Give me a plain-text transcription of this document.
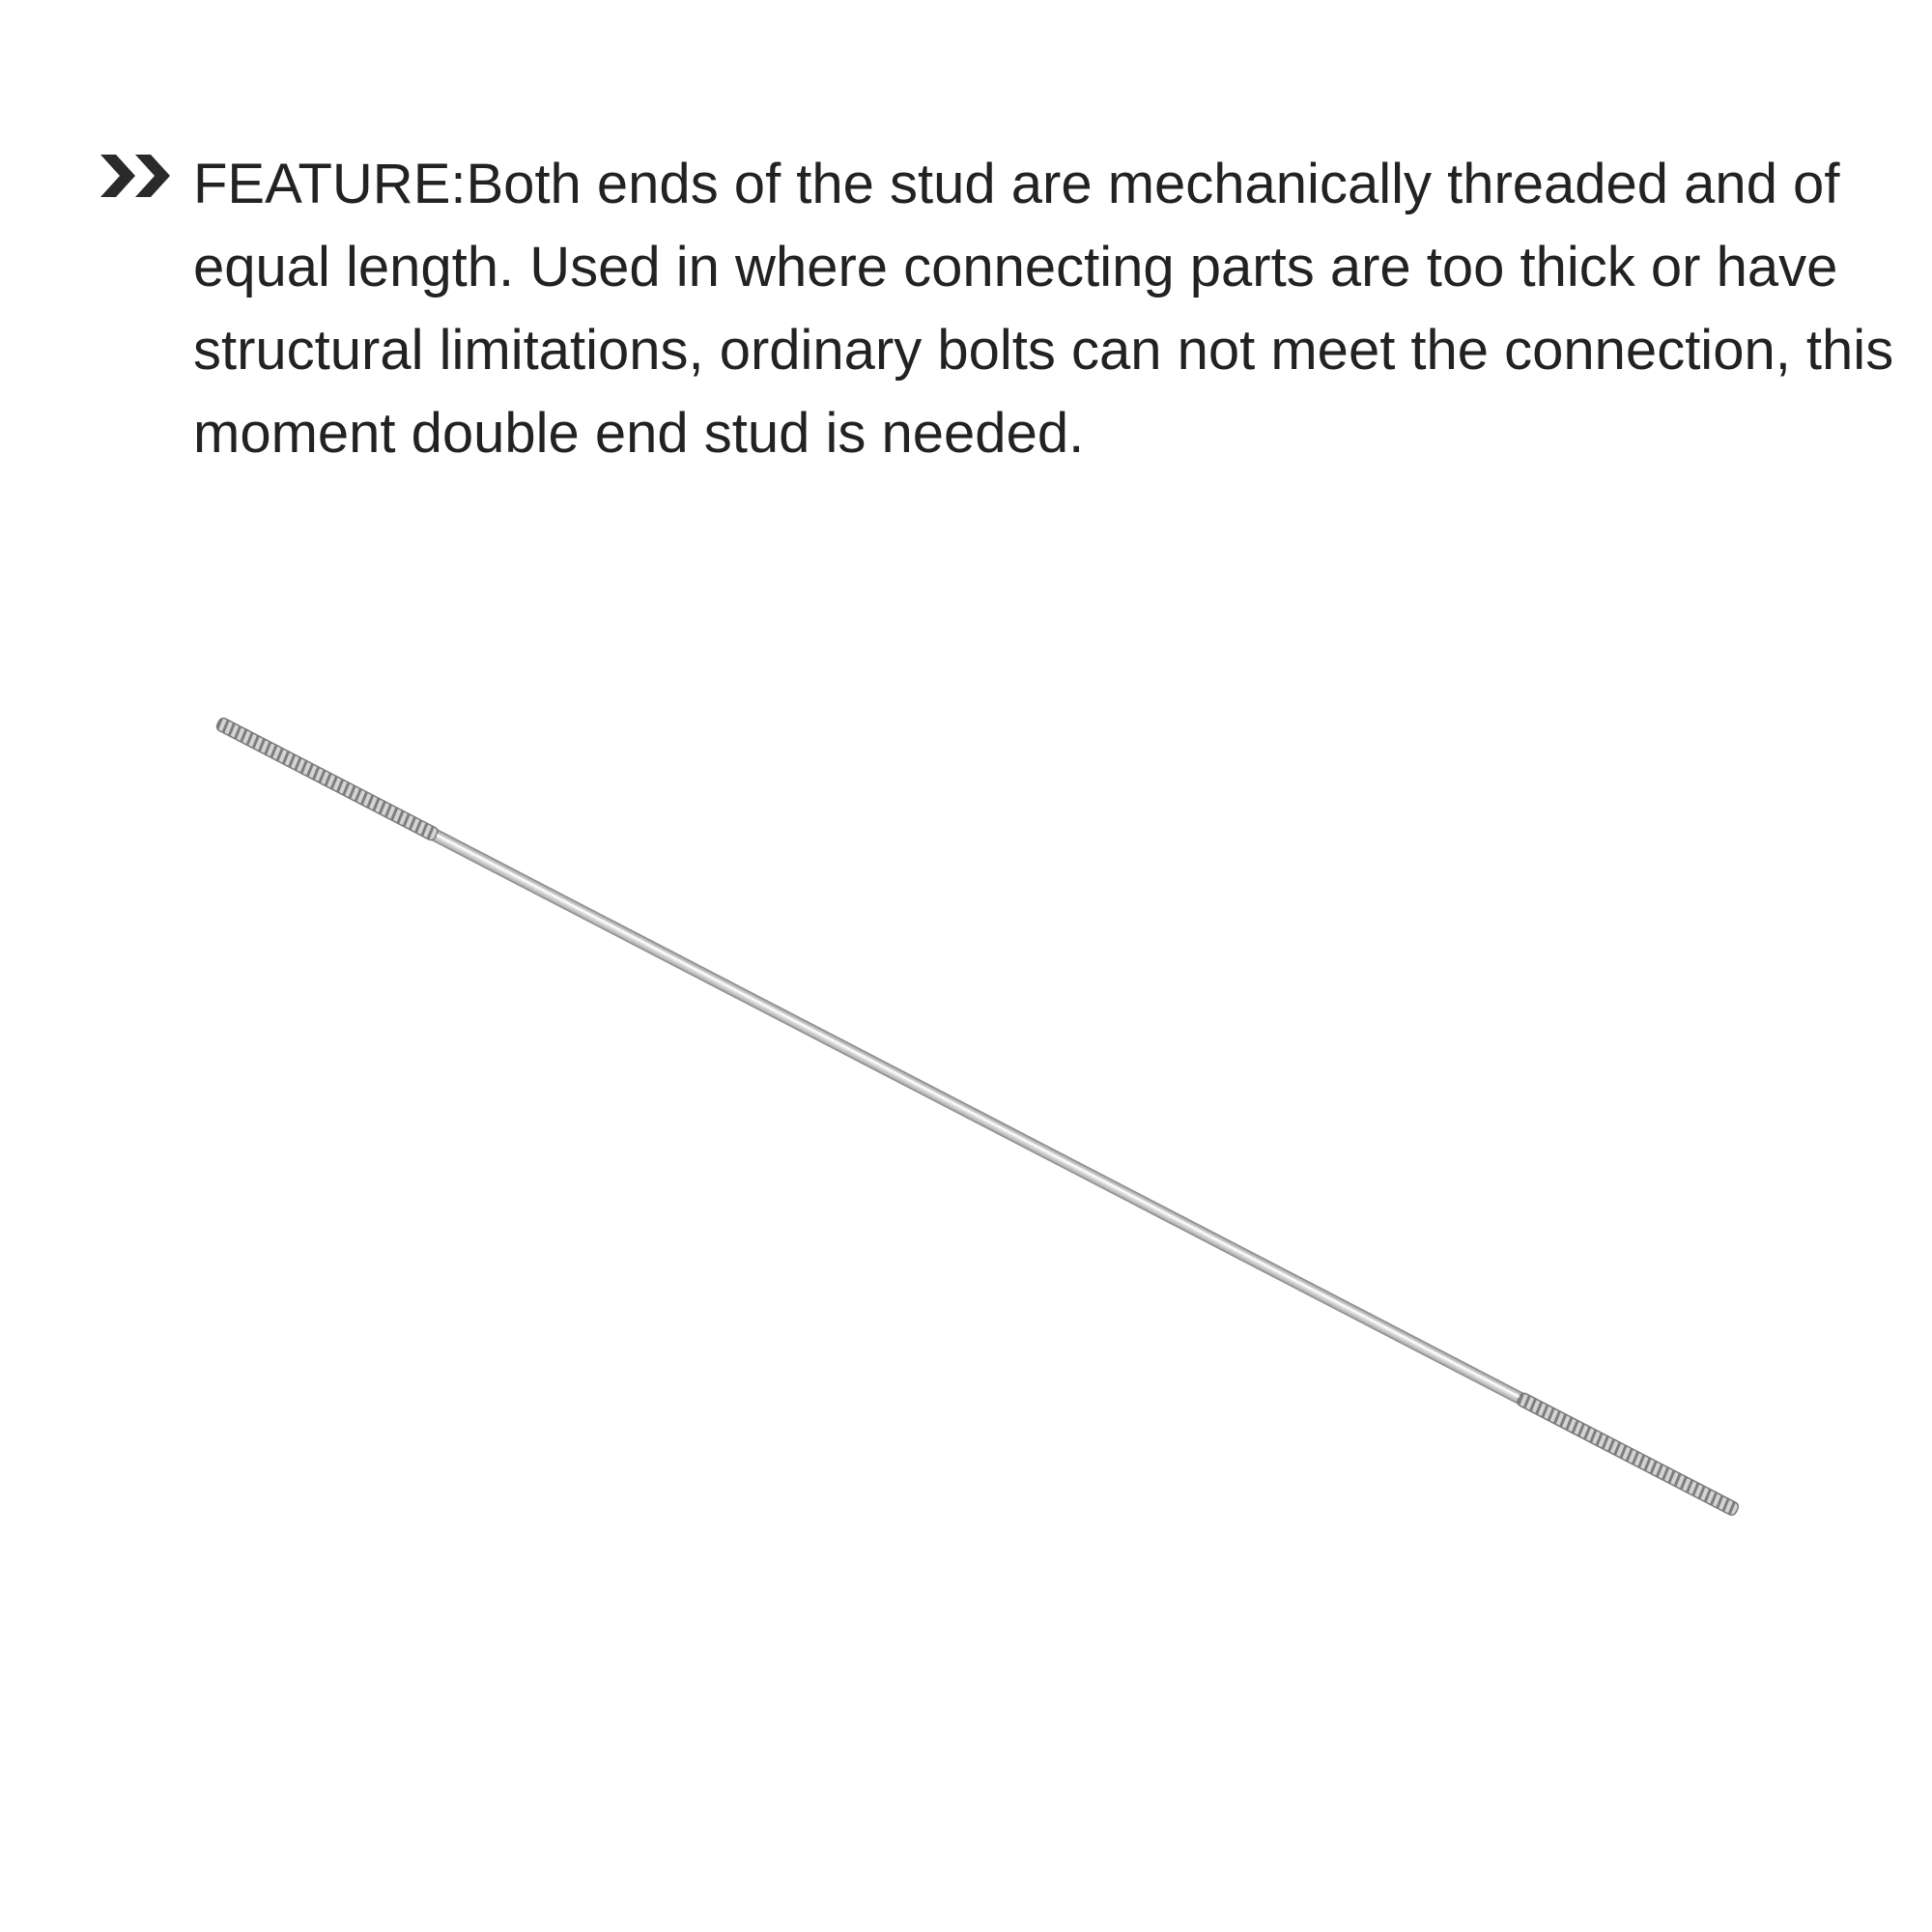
FEATURE:Both ends of the stud are mechanically threaded and of equal length. Used in where connecting parts are too thick or have structural limitations, ordinary bolts can not meet the connection, this moment double end stud is needed.
